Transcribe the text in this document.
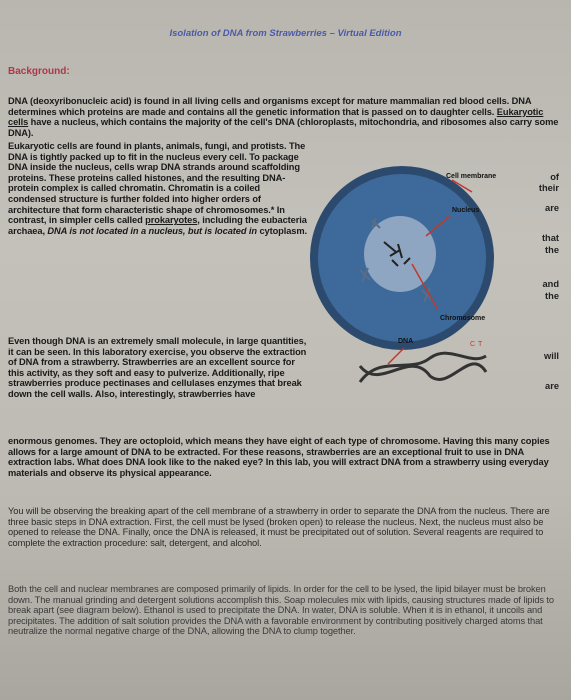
Isolation of DNA from Strawberries – Virtual Edition
Background:

DNA (deoxyribonucleic acid) is found in all living cells and organisms except for mature mammalian red blood cells. DNA determines which proteins are made and contains all the genetic information that is passed on to daughter cells. Eukaryotic cells have a nucleus, which contains the majority of the cell's DNA (chloroplasts, mitochondria, and ribosomes also carry some DNA).

Eukaryotic cells are found in plants, animals, fungi, and protists. The DNA is tightly packed up to fit in the nucleus every cell. To package DNA inside the nucleus, cells wrap DNA strands around scaffolding proteins. These proteins called histones, and the resulting DNA-protein complex is called chromatin. Chromatin is a coiled condensed structure is further folded into higher orders of architecture that form characteristic shape of chromosomes.* In contrast, in simpler cells called prokaryotes, including the eubacteria archaea, DNA is not located in a nucleus, but is located in cytoplasm.

of
their
are
that
the
and
the
will
are
Cell membrane
Nucleus
Chromosome
DNA	C T

Even though DNA is an extremely small molecule, in large quantities, it can be seen. In this laboratory exercise, you observe the extraction of DNA from a strawberry. Strawberries are an excellent source for this activity, as they soft and easy to pulverize. Additionally, ripe strawberries produce pectinases and cellulases enzymes that break down the cell walls. Also, interestingly, strawberries have

enormous genomes. They are octoploid, which means they have eight of each type of chromosome. Having this many copies allows for a large amount of DNA to be extracted. For these reasons, strawberries are an exceptional fruit to use in DNA extraction labs. What does DNA look like to the naked eye? In this lab, you will extract DNA from a strawberry using everyday materials and observe its physical appearance.

You will be observing the breaking apart of the cell membrane of a strawberry in order to separate the DNA from the nucleus. There are three basic steps in DNA extraction. First, the cell must be lysed (broken open) to release the nucleus. Next, the nucleus must also be opened to release the DNA. Finally, once the DNA is released, it must be precipitated out of solution. Several reagents are required to complete the extraction procedure: salt, detergent, and alcohol.

Both the cell and nuclear membranes are composed primarily of lipids. In order for the cell to be lysed, the lipid bilayer must be broken down. The manual grinding and detergent solutions accomplish this. Soap molecules mix with lipids, causing structures made of lipids to break apart (see diagram below). Ethanol is used to precipitate the DNA. In water, DNA is soluble. When it is in ethanol, it uncoils and precipitates. The addition of salt solution provides the DNA with a favorable environment by contributing positively charged atoms that neutralize the normal negative charge of the DNA, allowing the DNA to clump together.
